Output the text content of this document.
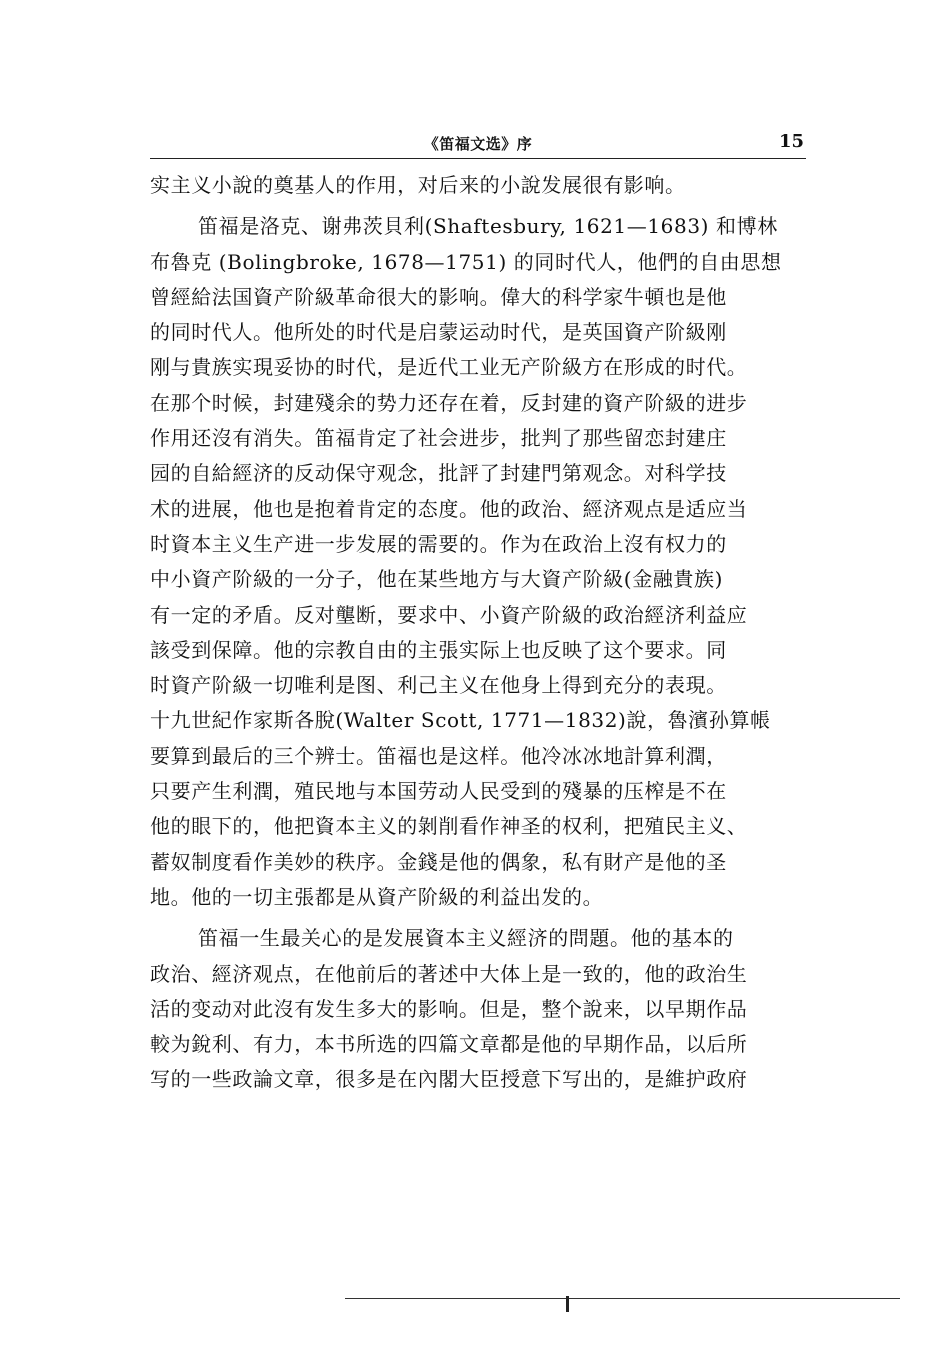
《笛福文选》序	15
实主义小說的奠基人的作用，对后来的小說发展很有影响。
笛福是洛克、谢弗茨貝利(Shaftesbury, 1621—1683) 和博林
布魯克 (Bolingbroke, 1678—1751) 的同时代人，他們的自由思想
曾經給法国資产阶級革命很大的影响。偉大的科学家牛頓也是他
的同时代人。他所处的时代是启蒙运动时代，是英国資产阶級刚
刚与貴族实現妥协的时代，是近代工业无产阶級方在形成的时代。
在那个时候，封建殘余的势力还存在着，反封建的資产阶級的进步
作用还沒有消失。笛福肯定了社会进步，批判了那些留恋封建庄
园的自給經济的反动保守观念，批評了封建門第观念。对科学技
术的进展，他也是抱着肯定的态度。他的政治、經济观点是适应当
时資本主义生产进一步发展的需要的。作为在政治上沒有权力的
中小資产阶級的一分子，他在某些地方与大資产阶級(金融貴族)
有一定的矛盾。反对壟断，要求中、小資产阶級的政治經济利益应
該受到保障。他的宗教自由的主張实际上也反映了这个要求。同
时資产阶級一切唯利是图、利己主义在他身上得到充分的表現。
十九世紀作家斯各脫(Walter Scott, 1771—1832)說，魯濱孙算帳
要算到最后的三个辨士。笛福也是这样。他冷冰冰地計算利潤，
只要产生利潤，殖民地与本国劳动人民受到的殘暴的压榨是不在
他的眼下的，他把資本主义的剝削看作神圣的权利，把殖民主义、
蓄奴制度看作美妙的秩序。金錢是他的偶象，私有財产是他的圣
地。他的一切主張都是从資产阶級的利益出发的。
笛福一生最关心的是发展資本主义經济的問題。他的基本的
政治、經济观点，在他前后的著述中大体上是一致的，他的政治生
活的变动对此沒有发生多大的影响。但是，整个說来，以早期作品
較为銳利、有力，本书所选的四篇文章都是他的早期作品，以后所
写的一些政論文章，很多是在內閣大臣授意下写出的，是維护政府
